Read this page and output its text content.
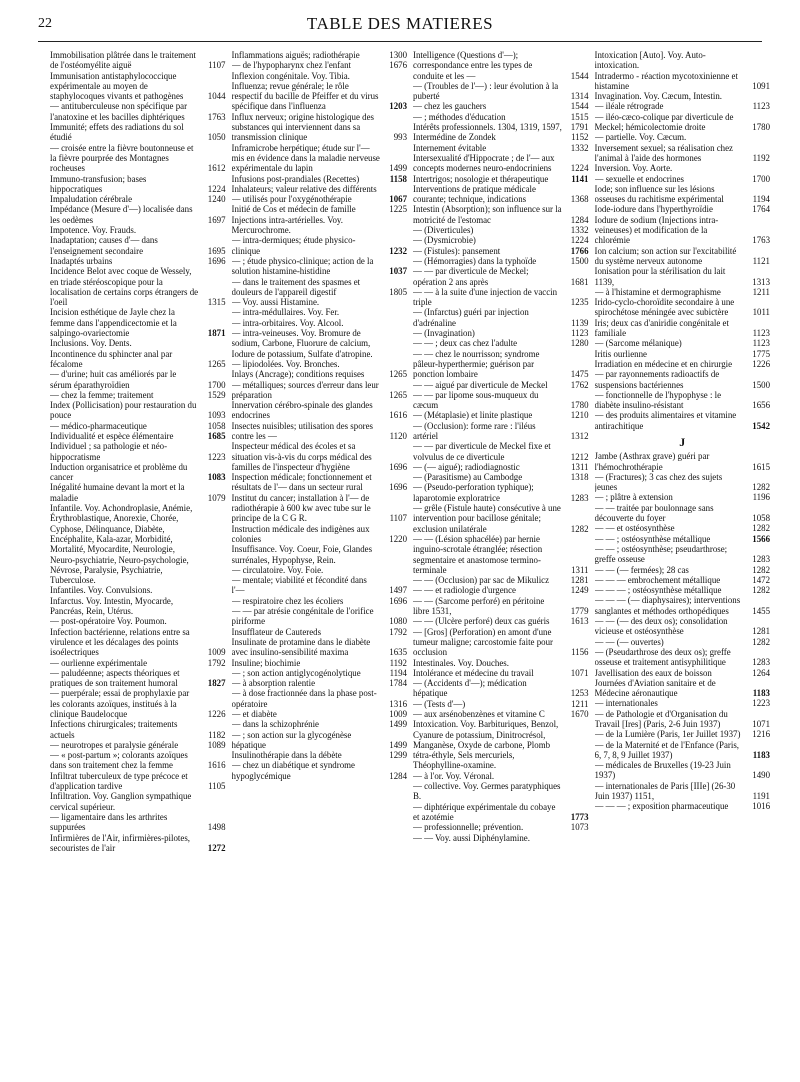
22	TABLE DES MATIERES
Immobilisation plâtrée dans le traitement de l'ostéomyélite aiguë	1107
Immunisation antistaphylococcique expérimentale au moyen de staphylocoques vivants et pathogènes	1044
— antituberculeuse non spécifique par l'anatoxine et les bacilles diphtériques	1763
Immunité; effets des radiations du sol étudié	1050
— croisée entre la fièvre boutonneuse et la fièvre pourprée des Montagnes rocheuses	1612
Immuno-transfusion; bases hippocratiques	1224
Impaludation cérébrale	1240
Impédance (Mesure d'—) localisée dans les oedèmes	1697
Impotence. Voy. Frauds.
Inadaptation; causes d'— dans l'enseignement secondaire	1695
Inadaptés urbains	1696
Incidence Belot avec coque de Wessely, en triade stéréoscopique pour la localisation de certains corps étrangers de l'oeil	1315
Incision esthétique de Jayle chez la femme dans l'appendicectomie et la salpingo-ovariectomie	1871
Inclusions. Voy. Dents.
Incontinence du sphincter anal par fécalome	1265
— d'urine; huit cas améliorés par le sérum éparathyroïdien	1700
— chez la femme; traitement	1529
Index (Pollicisation) pour restauration du pouce	1093
— médico-pharmaceutique	1058
Individualité et espèce élémentaire	1685
Individuel ; sa pathologie et néo-hippocratisme	1223
Induction organisatrice et problème du cancer	1083
Inégalité humaine devant la mort et la maladie	1079
Infantile. Voy. Achondroplasie, Anémie, Érythroblastique, Anorexie, Chorée, Cyphose, Délinquance, Diabète, Encéphalite, Kala-azar, Morbidité, Mortalité, Myocardite, Neurologie, Neuro-psychiatrie, Neuro-psychologie, Névrose, Paralysie, Psychiatrie, Tuberculose.
Infantiles. Voy. Convulsions.
Infarctus. Voy. Intestin, Myocarde, Pancréas, Rein, Utérus.
— post-opératoire Voy. Poumon.
Infection bactérienne, relations entre sa virulence et les décalages des points isoélectriques	1009
— ourlienne expérimentale	1792
— paludéenne; aspects théoriques et pratiques de son traitement humoral	1827
— puerpérale; essai de prophylaxie par les colorants azoïques, institués à la clinique Baudelocque	1226
Infections chirurgicales; traitements actuels	1182
— neurotropes et paralysie générale	1089
— « post-partum »; colorants azoïques dans son traitement chez la femme	1616
Infiltrat tuberculeux de type précoce et d'application tardive	1105
Infiltration. Voy. Ganglion sympathique cervical supérieur.
— ligamentaire dans les arthrites suppurées	1498
Infirmières de l'Air, infirmières-pilotes, secouristes de l'air	1272
Inflammations aiguës; radiothérapie	1300
— de l'hypopharynx chez l'enfant	1676
Inflexion congénitale. Voy. Tibia.
Influenza; revue générale; le rôle respectif du bacille de Pfeiffer et du virus spécifique dans l'influenza	1203
Influx nerveux; origine histologique des substances qui interviennent dans sa transmission clinique	993
Inframicrobe herpétique; étude sur l'— mis en évidence dans la maladie nerveuse expérimentale du lapin	1499
Infusions post-prandiales (Recettes)	1158
Inhalateurs; valeur relative des différents — utilisés pour l'oxygénothérapie	1067
Initié de Cos et médecin de famille	1225
Injections intra-artérielles. Voy. Mercurochrome.
— intra-dermiques; étude physico-clinique	1232
— ; étude physico-clinique; action de la solution histamine-histidine	1037
— dans le traitement des spasmes et douleurs de l'appareil digestif	1805
— Voy. aussi Histamine.
— intra-médullaires. Voy. Fer.
— intra-orbitaires. Voy. Alcool.
— intra-veineuses. Voy. Bromure de sodium, Carbone, Fluorure de calcium, Iodure de potassium, Sulfate d'atropine.
— lipiodolées. Voy. Bronches.
Inlays (Ancrage); conditions requises	1265
— métalliques; sources d'erreur dans leur préparation	1265
Innervation cérébro-spinale des glandes endocrines	1616
Insectes nuisibles; utilisation des spores contre les —	1120
Inspecteur médical des écoles et sa situation vis-à-vis du corps médical des familles de l'inspecteur d'hygiène	1696
Inspection médicale; fonctionnement et résultats de l'— dans un secteur rural	1696
Institut du cancer; installation à l'— de radiothérapie à 600 kw avec tube sur le principe de la C G R.	1107
Instruction médicale des indigènes aux colonies	1220
Insuffisance. Voy. Coeur, Foie, Glandes surrénales, Hypophyse, Rein.
— circulatoire. Voy. Foie.
— mentale; viabilité et fécondité dans l'—	1497
— respiratoire chez les écoliers	1696
— — par atrésie congénitale de l'orifice piriforme	1080
Insufflateur de Cautereds	1792
Insulinate de protamine dans le diabète avec insulino-sensibilité maxima	1635
Insuline; biochimie	1192
— ; son action antiglycogénolytique	1194
— à absorption ralentie	1784
— à dose fractionnée dans la phase post-opératoire	1316
— et diabète	1009
— dans la schizophrénie	1499
— ; son action sur la glycogénèse hépatique	1499
Insulinothérapie dans la débète	1299
— chez un diabétique et syndrome hypoglycémique	1284
Intelligence (Questions d'—); correspondance entre les types de conduite et les —	1544
— (Troubles de l'—) : leur évolution à la puberté	1314
— chez les gauchers	1544
— ; méthodes d'éducation	1515
Intérêts professionnels. 1304, 1319, 1597, 1791
Intermédine de Zondek	1152
Internement évitable	1332
Intersexualité d'Hippocrate ; de l'— aux concepts modernes neuro-endocriniens	1224
Intertrigos; nosologie et thérapeutique	1141
Interventions de pratique médicale courante; technique, indications	1368
Intestin (Absorption); son influence sur la motricité de l'estomac	1284
— (Diverticules)	1332
— (Dysmicrobie)	1224
— (Fistules): pansement	1766
— (Hémorragies) dans la typhoïde	1500
— — par diverticule de Meckel; opération 2 ans après	1681
— — à la suite d'une injection de vaccin triple	1235
— (Infarctus) guéri par injection d'adrénaline	1139
— (Invagination)	1123
— — ; deux cas chez l'adulte	1280
— — chez le nourrisson; syndrome pâleur-hyperthermie; guérison par ponction lombaire	1475
— — aigué par diverticule de Meckel	1762
— — par lipome sous-muqueux du cæcum	1780
— (Métaplasie) et linite plastique	1210
— (Occlusion): forme rare : l'iléus artériel	1312
— — par diverticule de Meckel fixe et volvulus de ce diverticule	1212
— (— aigué); radiodiagnostic	1311
— (Parasitisme) au Cambodge	1318
— (Pseudo-perforation typhique); laparotomie exploratrice	1283
— grêle (Fistule haute) consécutive à une intervention pour bacillose génitale; exclusion unilatérale	1282
— — (Lésion sphacélée) par hernie inguino-scrotale étranglée; résection segmentaire et anastomose termino-terminale	1311
— — (Occlusion) par sac de Mikulicz	1281
— — et radiologie d'urgence	1249
— — (Sarcome perforé) en péritoine libre 1531,	1779
— — (Ulcère perforé) deux cas guéris	1613
— [Gros] (Perforation) en amont d'une tumeur maligne; carcostomie faite pour occlusion	1156
Intestinales. Voy. Douches.
Intolérance et médecine du travail	1071
— (Accidents d'—); médication hépatique	1253
— (Tests d'—)	1211
— aux arsénobenzènes et vitamine C	1670
Intoxication. Voy. Barbituriques, Benzol, Cyanure de potassium, Dinitrocrésol, Manganèse, Oxyde de carbone, Plomb tétra-éthyle, Sels mercuriels, Théophylline-oxamine.
— à l'or. Voy. Véronal.
— collective. Voy. Germes paratyphiques B.
— diphtérique expérimentale du cobaye et azotémie	1773
— professionnelle; prévention.	1073
— — Voy. aussi Diphénylamine.
Intoxication [Auto]. Voy. Auto-intoxication.
Intradermo - réaction mycotoxinienne et histamine	1091
Invagination. Voy. Cæcum, Intestin.
— iléale rétrograde	1123
— iléo-cæco-colique par diverticule de Meckel; hémicolectomie droite	1780
— partielle. Voy. Cæcum.
Inversement sexuel; sa réalisation chez l'animal à l'aide des hormones	1192
Inversion. Voy. Aorte.
— sexuelle et endocrines	1700
Iode; son influence sur les lésions osseuses du rachitisme expérimental	1194
Iode-iodure dans l'hyperthyroïdie	1764
Iodure de sodium (Injections intra-veineuses) et modification de la chlorémie	1763
Ion calcium; son action sur l'excitabilité du système nerveux autonome	1121
Ionisation pour la stérilisation du lait 1139,	1313
— à l'histamine et dermographisme	1211
Irido-cyclo-choroïdite secondaire à une spirochétose méningée avec subictère	1011
Iris; deux cas d'aniridie congénitale et familiale	1123
— (Sarcome mélanique)	1123
Iritis ourlienne	1775
Irradiation en médecine et en chirurgie	1226
— par rayonnements radioactifs de suspensions bactériennes	1500
— fonctionnelle de l'hypophyse : le diabète insulino-résistant	1656
— des produits alimentaires et vitamine antirachitique	1542
J
Jambe (Asthrax grave) guéri par l'hémochrothérapie	1615
— (Fractures); 3 cas chez des sujets jeunes	1282
— ; plâtre à extension	1196
— — traitée par boulonnage sans découverte du foyer	1058
— — et ostéosynthèse	1282
— — ; ostéosynthèse métallique	1566
— — ; ostéosynthèse; pseudarthrose; greffe osseuse	1283
— — (— fermées); 28 cas	1282
— — — embrochement métallique	1472
— — — ; ostéosynthèse métallique	1282
— — — (— diaphysaires); interventions sanglantes et méthodes orthopédiques	1455
— — (— des deux os); consolidation vicieuse et ostéosynthèse	1281
— — (— ouvertes)	1282
— (Pseudarthrose des deux os); greffe osseuse et traitement antisyphilitique	1283
Javellisation des eaux de boisson	1264
Journées d'Aviation sanitaire et de Médecine aéronautique	1183
— internationales	1223
— de Pathologie et d'Organisation du Travail [Ires] (Paris, 2-6 Juin 1937)	1071
— de la Lumière (Paris, 1er Juillet 1937)	1216
— de la Maternité et de l'Enfance (Paris, 6, 7, 8, 9 Juillet 1937)	1183
— médicales de Bruxelles (19-23 Juin 1937)	1490
— internationales de Paris [IIIe] (26-30 Juin 1937) 1151,	1191
— — — ; exposition pharmaceutique	1016
